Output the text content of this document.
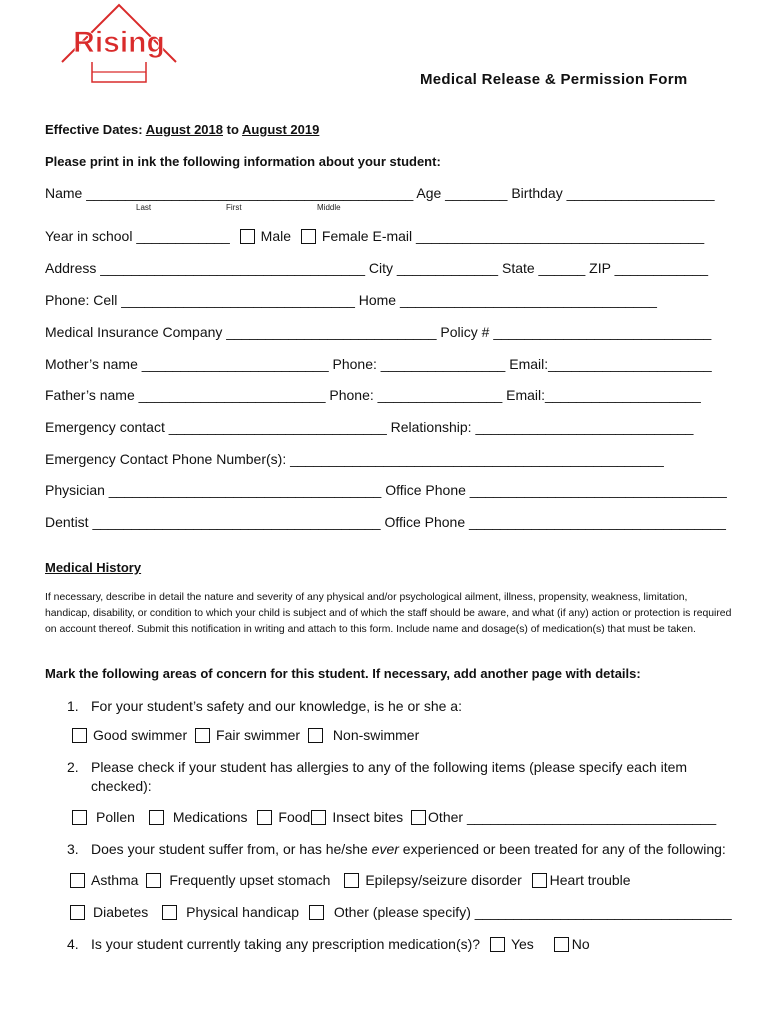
Rising
Medical Release & Permission Form
Effective Dates: August 2018 to August 2019
Please print in ink the following information about your student:
Name __________________________________________ Age ________ Birthday ___________________
Last	First	Middle
Year in school ____________ Male Female E-mail _____________________________________
Address __________________________________ City _____________ State ______ ZIP ____________
Phone: Cell ______________________________ Home _________________________________
Medical Insurance Company ___________________________ Policy # ____________________________
Mother’s name ________________________ Phone: ________________ Email:_____________________
Father’s name ________________________ Phone: ________________ Email:____________________
Emergency contact ____________________________ Relationship: ____________________________
Emergency Contact Phone Number(s): ________________________________________________
Physician ___________________________________ Office Phone _________________________________
Dentist _____________________________________ Office Phone _________________________________
Medical History
If necessary, describe in detail the nature and severity of any physical and/or psychological ailment, illness, propensity, weakness, limitation, handicap, disability, or condition to which your child is subject and of which the staff should be aware, and what (if any) action or protection is required on account thereof. Submit this notification in writing and attach to this form. Include name and dosage(s) of medication(s) that must be taken.
Mark the following areas of concern for this student. If necessary, add another page with details:
1. For your student’s safety and our knowledge, is he or she a:
Good swimmer Fair swimmer Non-swimmer
2. Please check if your student has allergies to any of the following items (please specify each item
checked):
Pollen	Medications Food Insect bites Other ________________________________
3. Does your student suffer from, or has he/she ever experienced or been treated for any of the following:
Asthma Frequently upset stomach Epilepsy/seizure disorder Heart trouble
Diabetes	Physical handicap Other (please specify) _________________________________
4. Is your student currently taking any prescription medication(s)? Yes	No
